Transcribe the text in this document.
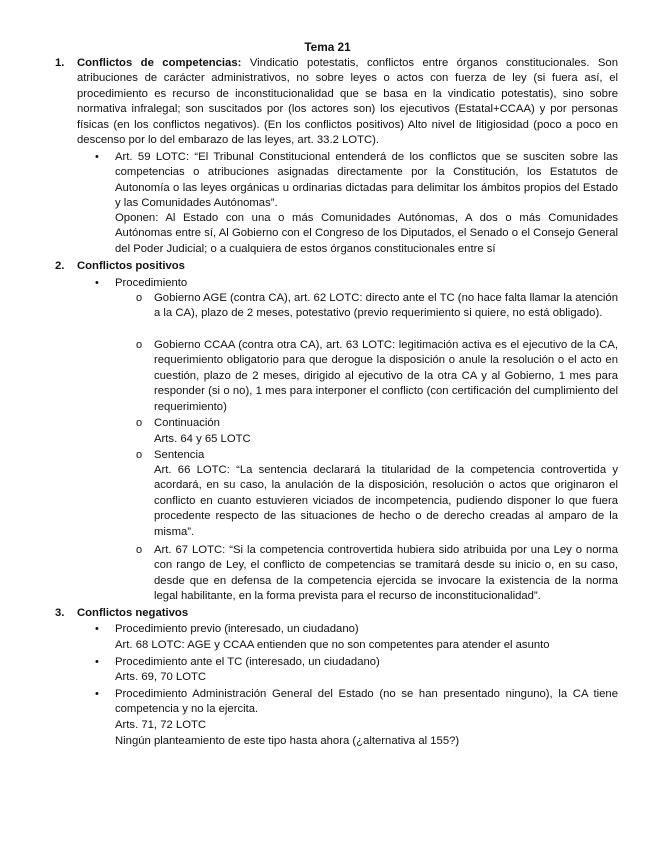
Tema 21
1. Conflictos de competencias: Vindicatio potestatis, conflictos entre órganos constitucionales. Son atribuciones de carácter administrativos, no sobre leyes o actos con fuerza de ley (si fuera así, el procedimiento es recurso de inconstitucionalidad que se basa en la vindicatio potestatis), sino sobre normativa infralegal; son suscitados por (los actores son) los ejecutivos (Estatal+CCAA) y por personas físicas (en los conflictos negativos). (En los conflictos positivos) Alto nivel de litigiosidad (poco a poco en descenso por lo del embarazo de las leyes, art. 33.2 LOTC).

• Art. 59 LOTC: “El Tribunal Constitucional entenderá de los conflictos que se susciten sobre las competencias o atribuciones asignadas directamente por la Constitución, los Estatutos de Autonomía o las leyes orgánicas u ordinarias dictadas para delimitar los ámbitos propios del Estado y las Comunidades Autónomas”.

Oponen: Al Estado con una o más Comunidades Autónomas, A dos o más Comunidades Autónomas entre sí, Al Gobierno con el Congreso de los Diputados, el Senado o el Consejo General del Poder Judicial; o a cualquiera de estos órganos constitucionales entre sí

2. Conflictos positivos

• Procedimiento

o Gobierno AGE (contra CA), art. 62 LOTC: directo ante el TC (no hace falta llamar la atención a la CA), plazo de 2 meses, potestativo (previo requerimiento si quiere, no está obligado).

o Gobierno CCAA (contra otra CA), art. 63 LOTC: legitimación activa es el ejecutivo de la CA, requerimiento obligatorio para que derogue la disposición o anule la resolución o el acto en cuestión, plazo de 2 meses, dirigido al ejecutivo de la otra CA y al Gobierno, 1 mes para responder (si o no), 1 mes para interponer el conflicto (con certificación del cumplimiento del requerimiento)

o Continuación

Arts. 64 y 65 LOTC

o Sentencia

Art. 66 LOTC: “La sentencia declarará la titularidad de la competencia controvertida y acordará, en su caso, la anulación de la disposición, resolución o actos que originaron el conflicto en cuanto estuvieren viciados de incompetencia, pudiendo disponer lo que fuera procedente respecto de las situaciones de hecho o de derecho creadas al amparo de la misma”.

o Art. 67 LOTC: “Si la competencia controvertida hubiera sido atribuida por una Ley o norma con rango de Ley, el conflicto de competencias se tramitará desde su inicio o, en su caso, desde que en defensa de la competencia ejercida se invocare la existencia de la norma legal habilitante, en la forma prevista para el recurso de inconstitucionalidad”.

3. Conflictos negativos

• Procedimiento previo (interesado, un ciudadano)

Art. 68 LOTC: AGE y CCAA entienden que no son competentes para atender el asunto

• Procedimiento ante el TC (interesado, un ciudadano)

Arts. 69, 70 LOTC

• Procedimiento Administración General del Estado (no se han presentado ninguno), la CA tiene competencia y no la ejercita.

Arts. 71, 72 LOTC

Ningún planteamiento de este tipo hasta ahora (¿alternativa al 155?)
